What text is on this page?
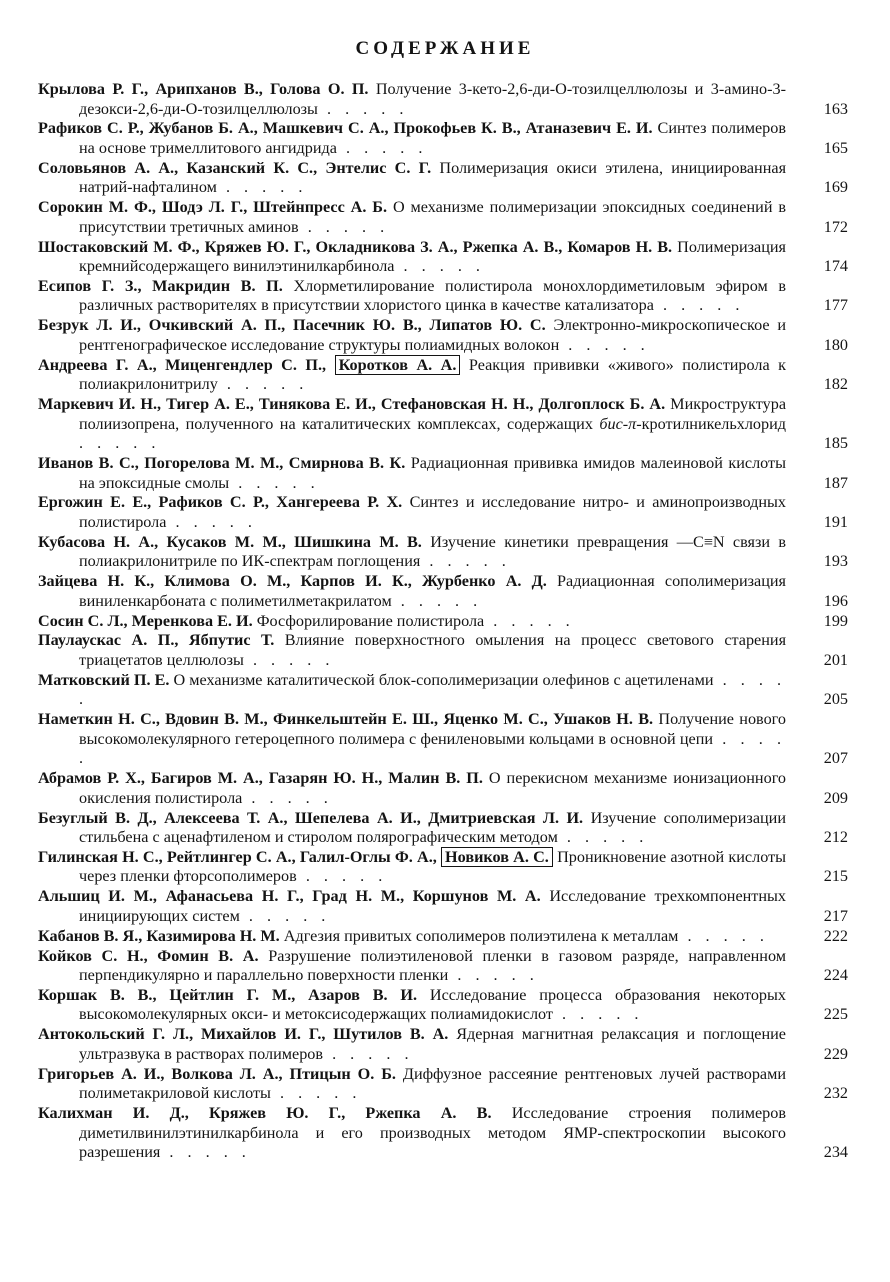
СОДЕРЖАНИЕ
Крылова Р. Г., Арипханов В., Голова О. П. Получение 3-кето-2,6-ди-О-тозилцеллюлозы и 3-амино-3-дезокси-2,6-ди-О-тозилцеллюлозы . . . . .	163
Рафиков С. Р., Жубанов Б. А., Машкевич С. А., Прокофьев К. В., Атаназевич Е. И. Синтез полимеров на основе тримеллитового ангидрида . . . . .	165
Соловьянов А. А., Казанский К. С., Энтелис С. Г. Полимеризация окиси этилена, инициированная натрий-нафталином . . . . .	169
Сорокин М. Ф., Шодэ Л. Г., Штейнпресс А. Б. О механизме полимеризации эпоксидных соединений в присутствии третичных аминов . . . . .	172
Шостаковский М. Ф., Кряжев Ю. Г., Окладникова З. А., Ржепка А. В., Комаров Н. В. Полимеризация кремнийсодержащего винилэтинилкарбинола . . . . .	174
Есипов Г. З., Макридин В. П. Хлорметилирование полистирола монохлордиметиловым эфиром в различных растворителях в присутствии хлористого цинка в качестве катализатора . . . . .	177
Безрук Л. И., Очкивский А. П., Пасечник Ю. В., Липатов Ю. С. Электронно-микроскопическое и рентгенографическое исследование структуры полиамидных волокон . . . . .	180
Андреева Г. А., Миценгендлер С. П., Коротков А. А. Реакция прививки «живого» полистирола к полиакрилонитрилу . . . . .	182
Маркевич И. Н., Тигер А. Е., Тинякова Е. И., Стефановская Н. Н., Долгоплоск Б. А. Микроструктура полиизопрена, полученного на каталитических комплексах, содержащих бис-π-кротилникельхлорид . . . . .	185
Иванов В. С., Погорелова М. М., Смирнова В. К. Радиационная прививка имидов малеиновой кислоты на эпоксидные смолы . . . . .	187
Ергожин Е. Е., Рафиков С. Р., Хангереева Р. Х. Синтез и исследование нитро- и аминопроизводных полистирола . . . . .	191
Кубасова Н. А., Кусаков М. М., Шишкина М. В. Изучение кинетики превращения —C≡N связи в полиакрилонитриле по ИК-спектрам поглощения . . . . .	193
Зайцева Н. К., Климова О. М., Карпов И. К., Журбенко А. Д. Радиационная сополимеризация виниленкарбоната с полиметилметакрилатом . . . . .	196
Сосин С. Л., Меренкова Е. И. Фосфорилирование полистирола . . . . .	199
Паулаускас А. П., Ябпутис Т. Влияние поверхностного омыления на процесс светового старения триацетатов целлюлозы . . . . .	201
Матковский П. Е. О механизме каталитической блок-сополимеризации олефинов с ацетиленами . . . . .	205
Наметкин Н. С., Вдовин В. М., Финкельштейн Е. Ш., Яценко М. С., Ушаков Н. В. Получение нового высокомолекулярного гетероцепного полимера с фениленовыми кольцами в основной цепи . . . . .	207
Абрамов Р. Х., Багиров М. А., Газарян Ю. Н., Малин В. П. О перекисном механизме ионизационного окисления полистирола . . . . .	209
Безуглый В. Д., Алексеева Т. А., Шепелева А. И., Дмитриевская Л. И. Изучение сополимеризации стильбена с аценафтиленом и стиролом полярографическим методом . . . . .	212
Гилинская Н. С., Рейтлингер С. А., Галил-Оглы Ф. А., Новиков А. С. Проникновение азотной кислоты через пленки фторсополимеров . . . . .	215
Альшиц И. М., Афанасьева Н. Г., Град Н. М., Коршунов М. А. Исследование трехкомпонентных инициирующих систем . . . . .	217
Кабанов В. Я., Казимирова Н. М. Адгезия привитых сополимеров полиэтилена к металлам . . . . .	222
Койков С. Н., Фомин В. А. Разрушение полиэтиленовой пленки в газовом разряде, направленном перпендикулярно и параллельно поверхности пленки . . . . .	224
Коршак В. В., Цейтлин Г. М., Азаров В. И. Исследование процесса образования некоторых высокомолекулярных окси- и метоксисодержащих полиамидокислот . . . . .	225
Антокольский Г. Л., Михайлов И. Г., Шутилов В. А. Ядерная магнитная релаксация и поглощение ультразвука в растворах полимеров . . . . .	229
Григорьев А. И., Волкова Л. А., Птицын О. Б. Диффузное рассеяние рентгеновых лучей растворами полиметакриловой кислоты . . . . .	232
Калихман И. Д., Кряжев Ю. Г., Ржепка А. В. Исследование строения полимеров диметилвинилэтинилкарбинола и его производных методом ЯМР-спектроскопии высокого разрешения . . . . .	234
